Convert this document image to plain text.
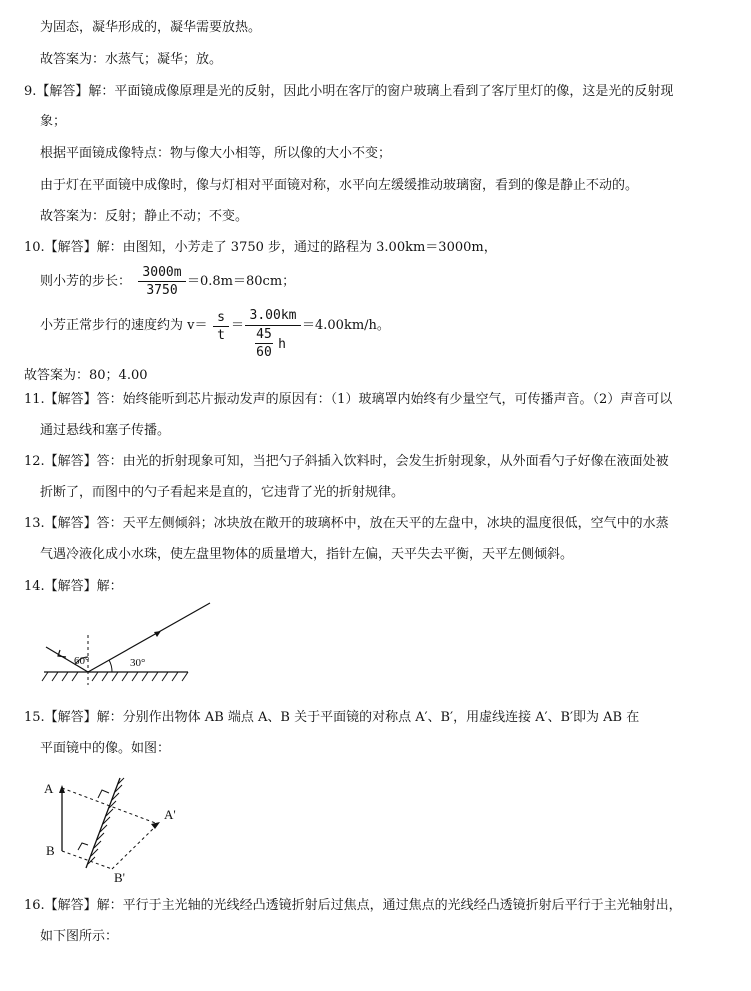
为固态，凝华形成的，凝华需要放热。
故答案为：水蒸气；凝华；放。
9.【解答】解：平面镜成像原理是光的反射，因此小明在客厅的窗户玻璃上看到了客厅里灯的像，这是光的反射现
象；
根据平面镜成像特点：物与像大小相等，所以像的大小不变；
由于灯在平面镜中成像时，像与灯相对平面镜对称，水平向左缓缓推动玻璃窗，看到的像是静止不动的。
故答案为：反射；静止不动；不变。
10.【解答】解：由图知，小芳走了 3750 步，通过的路程为 3.00km＝3000m，
则小芳的步长：
3000m
3750
＝0.8m＝80cm；
小芳正常步行的速度约为 v＝
s
t
＝
3.00km
45
60
h
＝4.00km/h。
故答案为：80；4.00
11.【解答】答：始终能听到芯片振动发声的原因有：（1）玻璃罩内始终有少量空气，可传播声音。（2）声音可以
通过悬线和塞子传播。
12.【解答】答：由光的折射现象可知，当把勺子斜插入饮料时，会发生折射现象，从外面看勺子好像在液面处被
折断了，而图中的勺子看起来是直的，它违背了光的折射规律。
13.【解答】答：天平左侧倾斜；冰块放在敞开的玻璃杯中，放在天平的左盘中，冰块的温度很低，空气中的水蒸
气遇冷液化成小水珠，使左盘里物体的质量增大，指针左偏，天平失去平衡，天平左侧倾斜。
14.【解答】解：
60°	30°
15.【解答】解：分别作出物体 AB 端点 A、B 关于平面镜的对称点 A′、B′，用虚线连接 A′、B′即为 AB 在
平面镜中的像。如图：
A
B
A'
B'
16.【解答】解：平行于主光轴的光线经凸透镜折射后过焦点，通过焦点的光线经凸透镜折射后平行于主光轴射出，
如下图所示：
